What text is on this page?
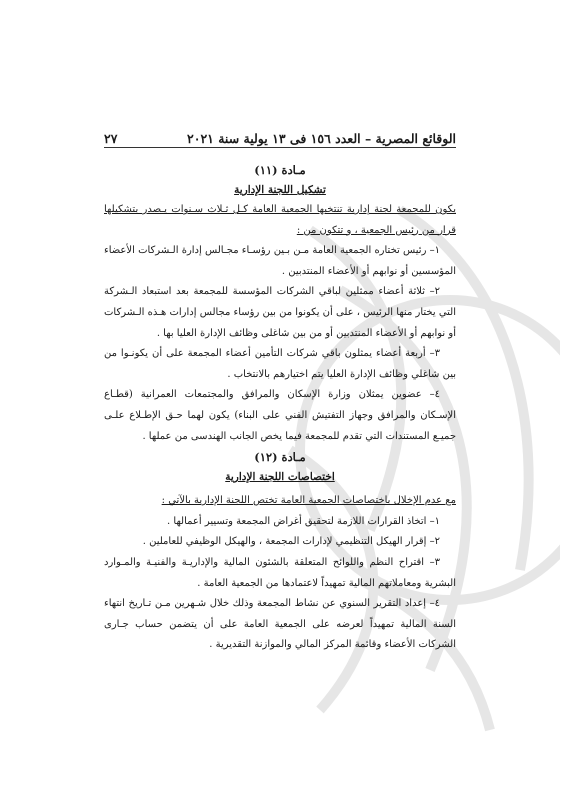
الوقائع المصرية – العدد ١٥٦ فى ١٣ يولية سنة ٢٠٢١
٢٧
مـادة (١١)
تشكيل اللجنة الإدارية

يكون للمجمعة لجنة إدارية تنتخبها الجمعية العامة كـل ثـلاث سـنوات يـصدر بتشكيلها قرار من رئيس الجمعية ، و تتكون من :

١– رئيس تختاره الجمعية العامة مـن بـين رؤسـاء مجـالس إدارة الـشركات الأعضاء المؤسسين أو نوابهم أو الأعضاء المنتدبين .

٢– ثلاثة أعضاء ممثلين لباقي الشركات المؤسسة للمجمعة بعد استبعاد الـشركة التي يختار منها الرئيس ، على أن يكونوا من بين رؤساء مجالس إدارات هـذه الـشركات أو نوابهم أو الأعضاء المنتدبين أو من بين شاغلى وظائف الإدارة العليا بها .

٣– أربعة أعضاء يمثلون باقي شركات التأمين أعضاء المجمعة على أن يكونـوا من بين شاغلي وظائف الإدارة العليا يتم اختيارهم بالانتخاب .

٤– عضوين يمثلان وزارة الإسكان والمرافق والمجتمعات العمرانية (قطـاع الإسـكان والمرافق وجهاز التفتيش الفني على البناء) يكون لهما حـق الإطـلاع علـى جميـع المستندات التي تقدم للمجمعة فيما يخص الجانب الهندسى من عملها .

مـادة (١٢)
اختصاصات اللجنة الإدارية

مع عدم الإخلال باختصاصات الجمعية العامة تختص اللجنة الإدارية بالآتي :

١– اتخاذ القرارات اللازمة لتحقيق أغراض المجمعة وتسيير أعمالها .

٢– إقرار الهيكل التنظيمي لإدارات المجمعة ، والهيكل الوظيفي للعاملين .

٣– اقتراح النظم واللوائح المتعلقة بالشئون المالية والإداريـة والفنيـة والمـوارد البشرية ومعاملاتهم المالية تمهيداً لاعتمادها من الجمعية العامة .

٤– إعداد التقرير السنوي عن نشاط المجمعة وذلك خلال شـهرين مـن تـاريخ انتهاء السنة المالية تمهيداً لعرضه على الجمعية العامة على أن يتضمن حساب جـارى الشركات الأعضاء وقائمة المركز المالي والموازنة التقديرية .
